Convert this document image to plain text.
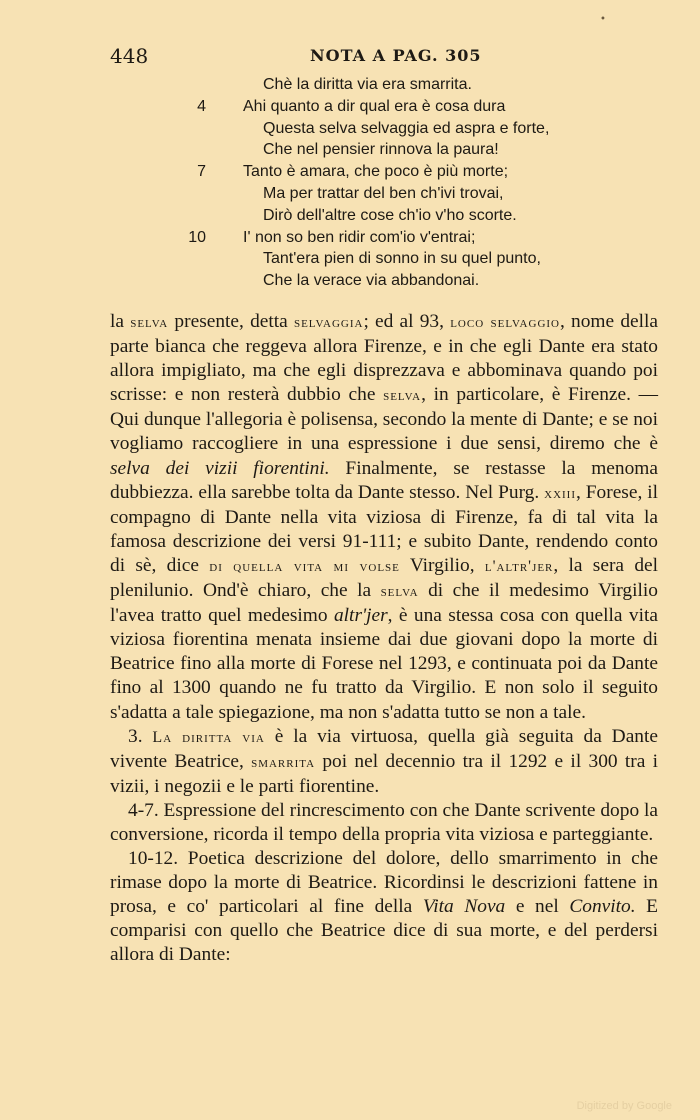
•
448	NOTA A PAG. 305
Chè la diritta via era smarrita.
4 Ahi quanto a dir qual era è cosa dura
Questa selva selvaggia ed aspra e forte,
Che nel pensier rinnova la paura!
7 Tanto è amara, che poco è più morte;
Ma per trattar del ben ch'ivi trovai,
Dirò dell'altre cose ch'io v'ho scorte.
10 I' non so ben ridir com'io v'entrai;
Tant'era pien di sonno in su quel punto,
Che la verace via abbandonai.

la selva presente, detta selvaggia; ed al 93, loco selvaggio, nome della parte bianca che reggeva allora Firenze, e in che egli Dante era stato allora impigliato, ma che egli disprezzava e abbominava quando poi scrisse: e non resterà dubbio che selva, in particolare, è Firenze. — Qui dunque l'allegoria è polisensa, secondo la mente di Dante; e se noi vogliamo raccogliere in una espressione i due sensi, diremo che è selva dei vizii fiorentini. Finalmente, se restasse la menoma dubbiezza. ella sarebbe tolta da Dante stesso. Nel Purg. xxiii, Forese, il compagno di Dante nella vita viziosa di Firenze, fa di tal vita la famosa descrizione dei versi 91-111; e subito Dante, rendendo conto di sè, dice di quella vita mi volse Virgilio, l'altr'jer, la sera del plenilunio. Ond'è chiaro, che la selva di che il medesimo Virgilio l'avea tratto quel medesimo altr'jer, è una stessa cosa con quella vita viziosa fiorentina menata insieme dai due giovani dopo la morte di Beatrice fino alla morte di Forese nel 1293, e continuata poi da Dante fino al 1300 quando ne fu tratto da Virgilio. E non solo il seguito s'adatta a tale spiegazione, ma non s'adatta tutto se non a tale.

3. La diritta via è la via virtuosa, quella già seguita da Dante vivente Beatrice, smarrita poi nel decennio tra il 1292 e il 300 tra i vizii, i negozii e le parti fiorentine.

4-7. Espressione del rincrescimento con che Dante scrivente dopo la conversione, ricorda il tempo della propria vita viziosa e parteggiante.

10-12. Poetica descrizione del dolore, dello smarrimento in che rimase dopo la morte di Beatrice. Ricordinsi le descrizioni fattene in prosa, e co' particolari al fine della Vita Nova e nel Convito. E comparisi con quello che Beatrice dice di sua morte, e del perdersi allora di Dante:

Digitized by Google
